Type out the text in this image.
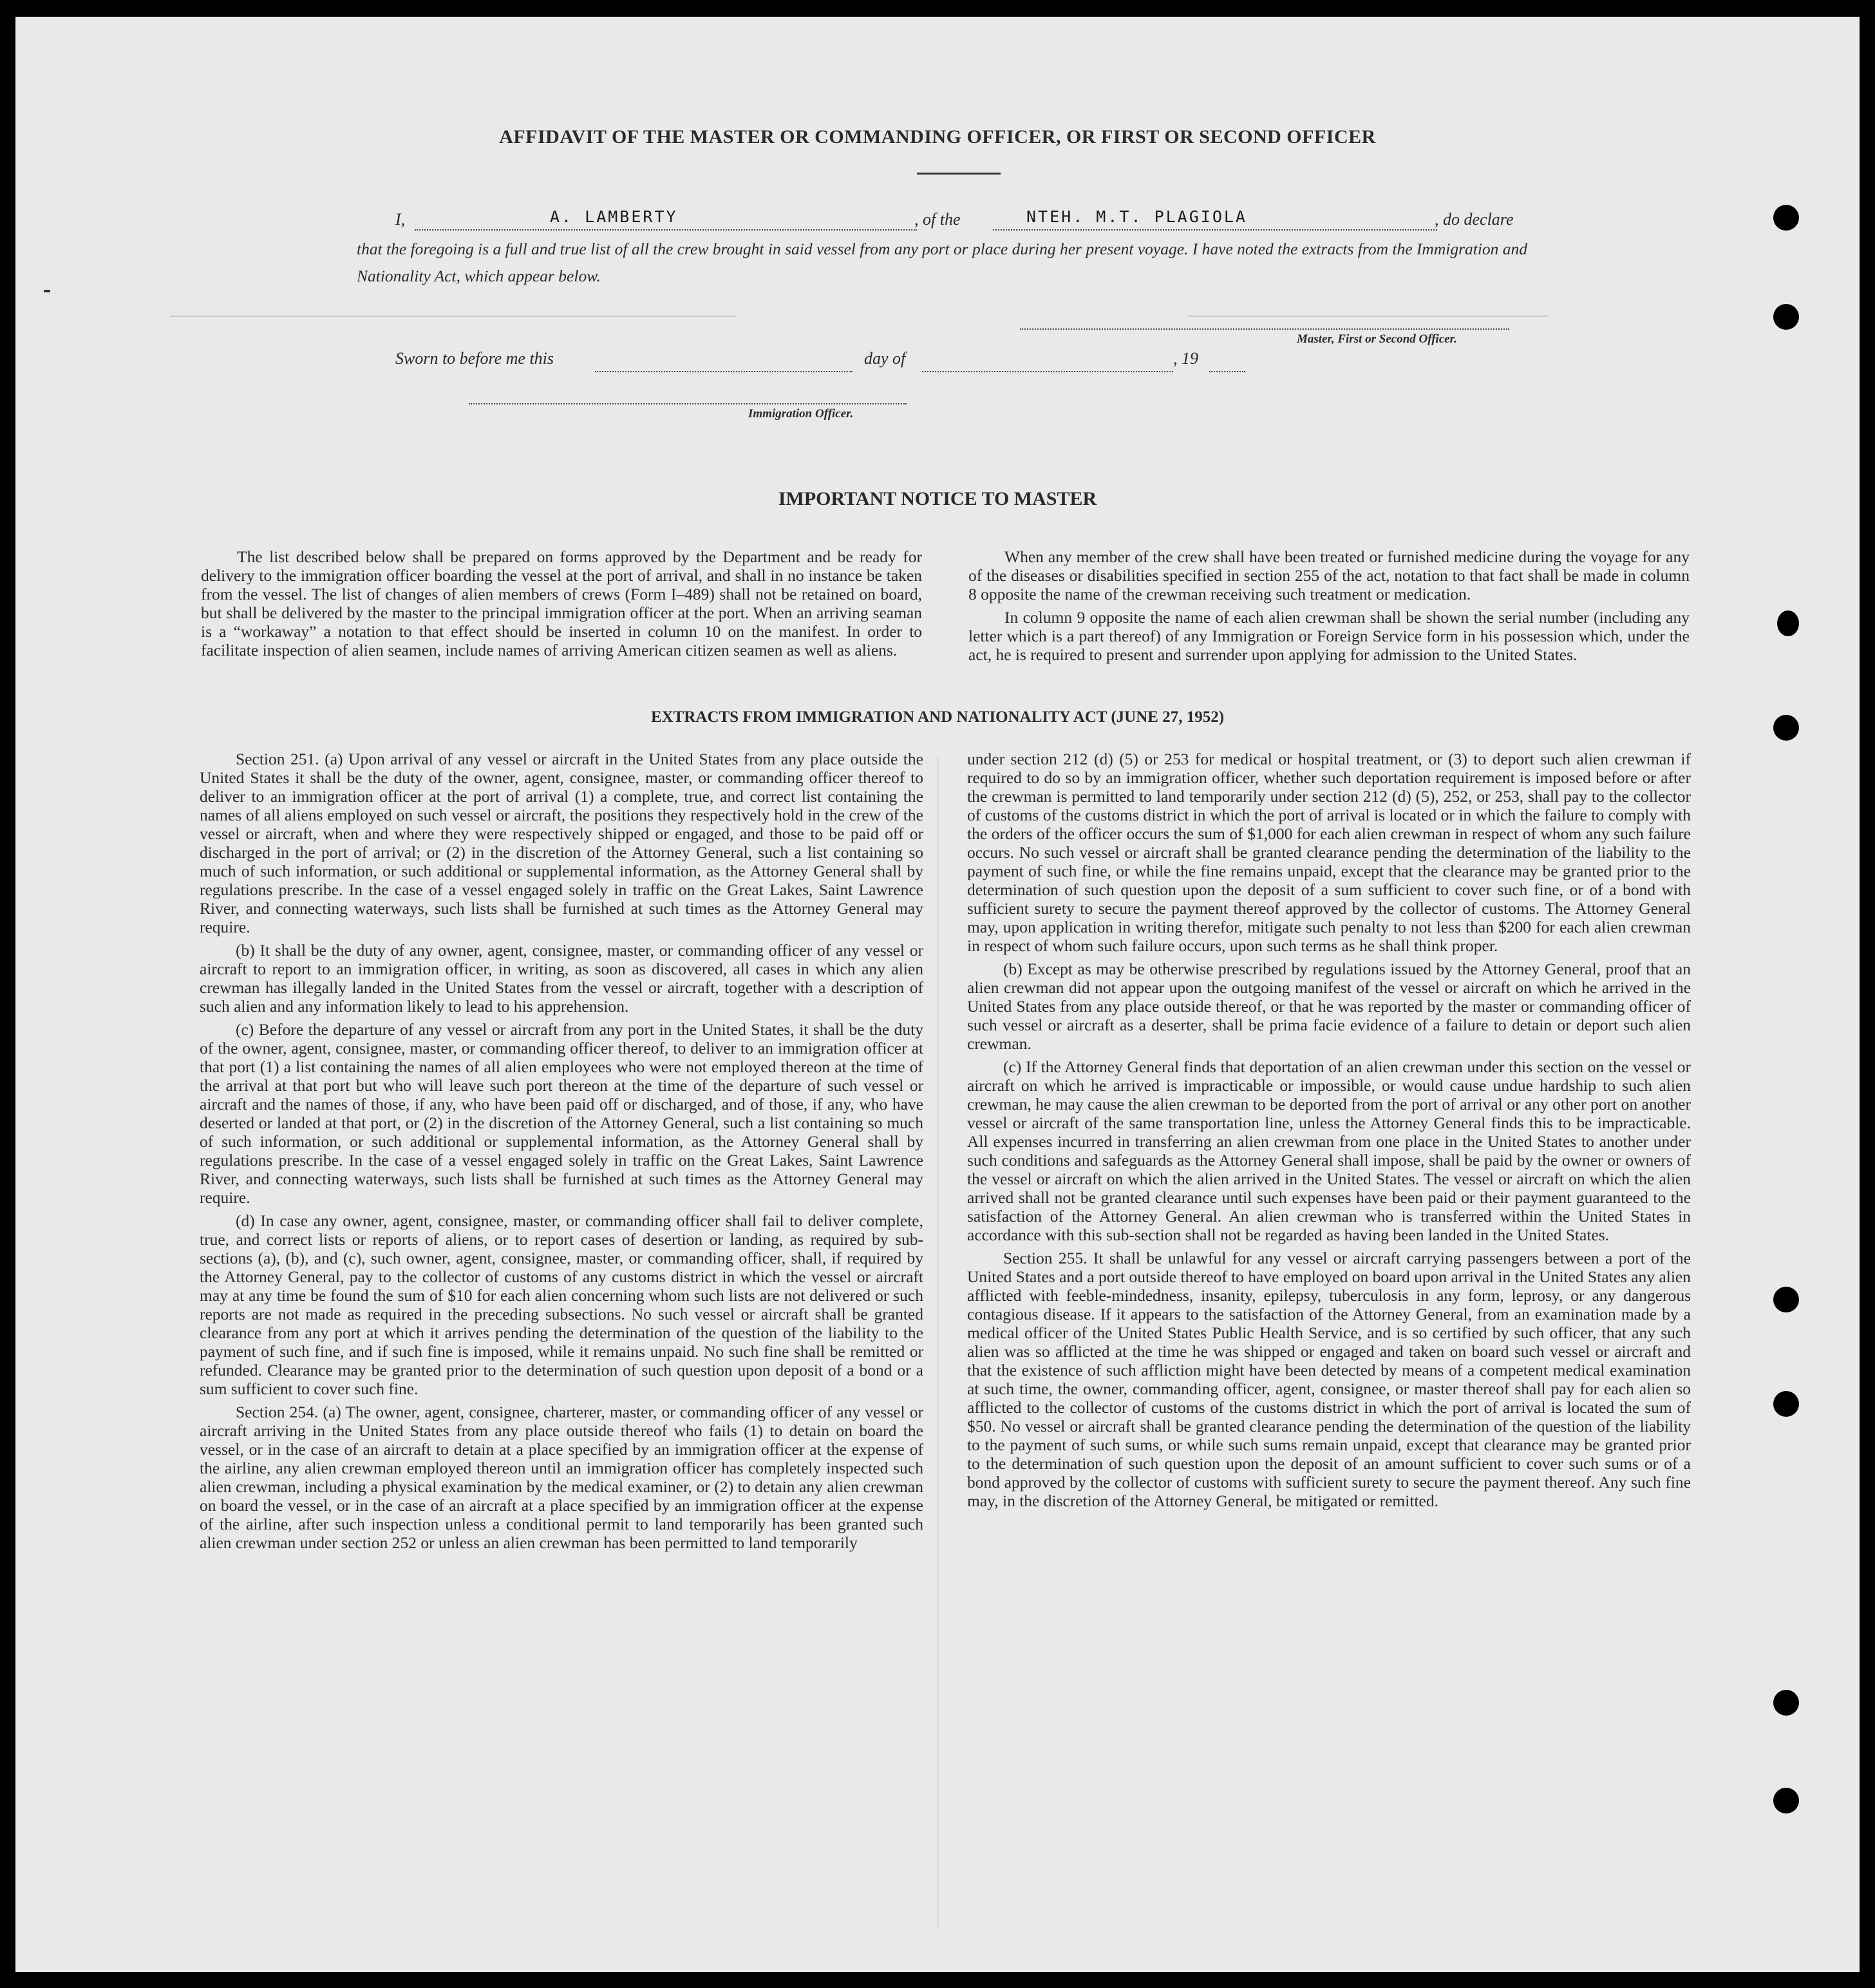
AFFIDAVIT OF THE MASTER OR COMMANDING OFFICER, OR FIRST OR SECOND OFFICER
I,	A. LAMBERTY	, of the	NTEH. M.T. PLAGIOLA	, do declare
that the foregoing is a full and true list of all the crew brought in said vessel from any port or place during her present voyage. I have noted the extracts from the Immigration and Nationality Act, which appear below.
Master, First or Second Officer.
Sworn to before me this	day of	, 19
Immigration Officer.
IMPORTANT NOTICE TO MASTER

The list described below shall be prepared on forms approved by the Department and be ready for delivery to the immigration officer boarding the vessel at the port of arrival, and shall in no instance be taken from the vessel. The list of changes of alien members of crews (Form I–489) shall not be retained on board, but shall be delivered by the master to the principal immigration officer at the port. When an arriving seaman is a “workaway” a notation to that effect should be inserted in column 10 on the manifest. In order to facilitate inspection of alien seamen, include names of arriving American citizen seamen as well as aliens.

When any member of the crew shall have been treated or furnished medicine during the voyage for any of the diseases or disabilities specified in section 255 of the act, notation to that fact shall be made in column 8 opposite the name of the crewman receiving such treatment or medication.

In column 9 opposite the name of each alien crewman shall be shown the serial number (including any letter which is a part thereof) of any Immigration or Foreign Service form in his possession which, under the act, he is required to present and surrender upon applying for admission to the United States.

EXTRACTS FROM IMMIGRATION AND NATIONALITY ACT (JUNE 27, 1952)

Section 251. (a) Upon arrival of any vessel or aircraft in the United States from any place outside the United States it shall be the duty of the owner, agent, consignee, master, or commanding officer thereof to deliver to an immigration officer at the port of arrival (1) a complete, true, and correct list containing the names of all aliens employed on such vessel or aircraft, the positions they respectively hold in the crew of the vessel or aircraft, when and where they were respectively shipped or engaged, and those to be paid off or discharged in the port of arrival; or (2) in the discretion of the Attorney General, such a list containing so much of such information, or such additional or supplemental information, as the Attorney General shall by regulations prescribe. In the case of a vessel engaged solely in traffic on the Great Lakes, Saint Lawrence River, and connecting waterways, such lists shall be furnished at such times as the Attorney General may require.

(b) It shall be the duty of any owner, agent, consignee, master, or commanding officer of any vessel or aircraft to report to an immigration officer, in writing, as soon as discovered, all cases in which any alien crewman has illegally landed in the United States from the vessel or aircraft, together with a description of such alien and any information likely to lead to his apprehension.

(c) Before the departure of any vessel or aircraft from any port in the United States, it shall be the duty of the owner, agent, consignee, master, or commanding officer thereof, to deliver to an immigration officer at that port (1) a list containing the names of all alien employees who were not employed thereon at the time of the arrival at that port but who will leave such port thereon at the time of the departure of such vessel or aircraft and the names of those, if any, who have been paid off or discharged, and of those, if any, who have deserted or landed at that port, or (2) in the discretion of the Attorney General, such a list containing so much of such information, or such additional or supplemental information, as the Attorney General shall by regulations prescribe. In the case of a vessel engaged solely in traffic on the Great Lakes, Saint Lawrence River, and connecting waterways, such lists shall be furnished at such times as the Attorney General may require.

(d) In case any owner, agent, consignee, master, or commanding officer shall fail to deliver complete, true, and correct lists or reports of aliens, or to report cases of desertion or landing, as required by sub-sections (a), (b), and (c), such owner, agent, consignee, master, or commanding officer, shall, if required by the Attorney General, pay to the collector of customs of any customs district in which the vessel or aircraft may at any time be found the sum of $10 for each alien concerning whom such lists are not delivered or such reports are not made as required in the preceding subsections. No such vessel or aircraft shall be granted clearance from any port at which it arrives pending the determination of the question of the liability to the payment of such fine, and if such fine is imposed, while it remains unpaid. No such fine shall be remitted or refunded. Clearance may be granted prior to the determination of such question upon deposit of a bond or a sum sufficient to cover such fine.

Section 254. (a) The owner, agent, consignee, charterer, master, or commanding officer of any vessel or aircraft arriving in the United States from any place outside thereof who fails (1) to detain on board the vessel, or in the case of an aircraft to detain at a place specified by an immigration officer at the expense of the airline, any alien crewman employed thereon until an immigration officer has completely inspected such alien crewman, including a physical examination by the medical examiner, or (2) to detain any alien crewman on board the vessel, or in the case of an aircraft at a place specified by an immigration officer at the expense of the airline, after such inspection unless a conditional permit to land temporarily has been granted such alien crewman under section 252 or unless an alien crewman has been permitted to land temporarily

under section 212 (d) (5) or 253 for medical or hospital treatment, or (3) to deport such alien crewman if required to do so by an immigration officer, whether such deportation requirement is imposed before or after the crewman is permitted to land temporarily under section 212 (d) (5), 252, or 253, shall pay to the collector of customs of the customs district in which the port of arrival is located or in which the failure to comply with the orders of the officer occurs the sum of $1,000 for each alien crewman in respect of whom any such failure occurs. No such vessel or aircraft shall be granted clearance pending the determination of the liability to the payment of such fine, or while the fine remains unpaid, except that the clearance may be granted prior to the determination of such question upon the deposit of a sum sufficient to cover such fine, or of a bond with sufficient surety to secure the payment thereof approved by the collector of customs. The Attorney General may, upon application in writing therefor, mitigate such penalty to not less than $200 for each alien crewman in respect of whom such failure occurs, upon such terms as he shall think proper.

(b) Except as may be otherwise prescribed by regulations issued by the Attorney General, proof that an alien crewman did not appear upon the outgoing manifest of the vessel or aircraft on which he arrived in the United States from any place outside thereof, or that he was reported by the master or commanding officer of such vessel or aircraft as a deserter, shall be prima facie evidence of a failure to detain or deport such alien crewman.

(c) If the Attorney General finds that deportation of an alien crewman under this section on the vessel or aircraft on which he arrived is impracticable or impossible, or would cause undue hardship to such alien crewman, he may cause the alien crewman to be deported from the port of arrival or any other port on another vessel or aircraft of the same transportation line, unless the Attorney General finds this to be impracticable. All expenses incurred in transferring an alien crewman from one place in the United States to another under such conditions and safeguards as the Attorney General shall impose, shall be paid by the owner or owners of the vessel or aircraft on which the alien arrived in the United States. The vessel or aircraft on which the alien arrived shall not be granted clearance until such expenses have been paid or their payment guaranteed to the satisfaction of the Attorney General. An alien crewman who is transferred within the United States in accordance with this sub-section shall not be regarded as having been landed in the United States.

Section 255. It shall be unlawful for any vessel or aircraft carrying passengers between a port of the United States and a port outside thereof to have employed on board upon arrival in the United States any alien afflicted with feeble-mindedness, insanity, epilepsy, tuberculosis in any form, leprosy, or any dangerous contagious disease. If it appears to the satisfaction of the Attorney General, from an examination made by a medical officer of the United States Public Health Service, and is so certified by such officer, that any such alien was so afflicted at the time he was shipped or engaged and taken on board such vessel or aircraft and that the existence of such affliction might have been detected by means of a competent medical examination at such time, the owner, commanding officer, agent, consignee, or master thereof shall pay for each alien so afflicted to the collector of customs of the customs district in which the port of arrival is located the sum of $50. No vessel or aircraft shall be granted clearance pending the determination of the question of the liability to the payment of such sums, or while such sums remain unpaid, except that clearance may be granted prior to the determination of such question upon the deposit of an amount sufficient to cover such sums or of a bond approved by the collector of customs with sufficient surety to secure the payment thereof. Any such fine may, in the discretion of the Attorney General, be mitigated or remitted.
